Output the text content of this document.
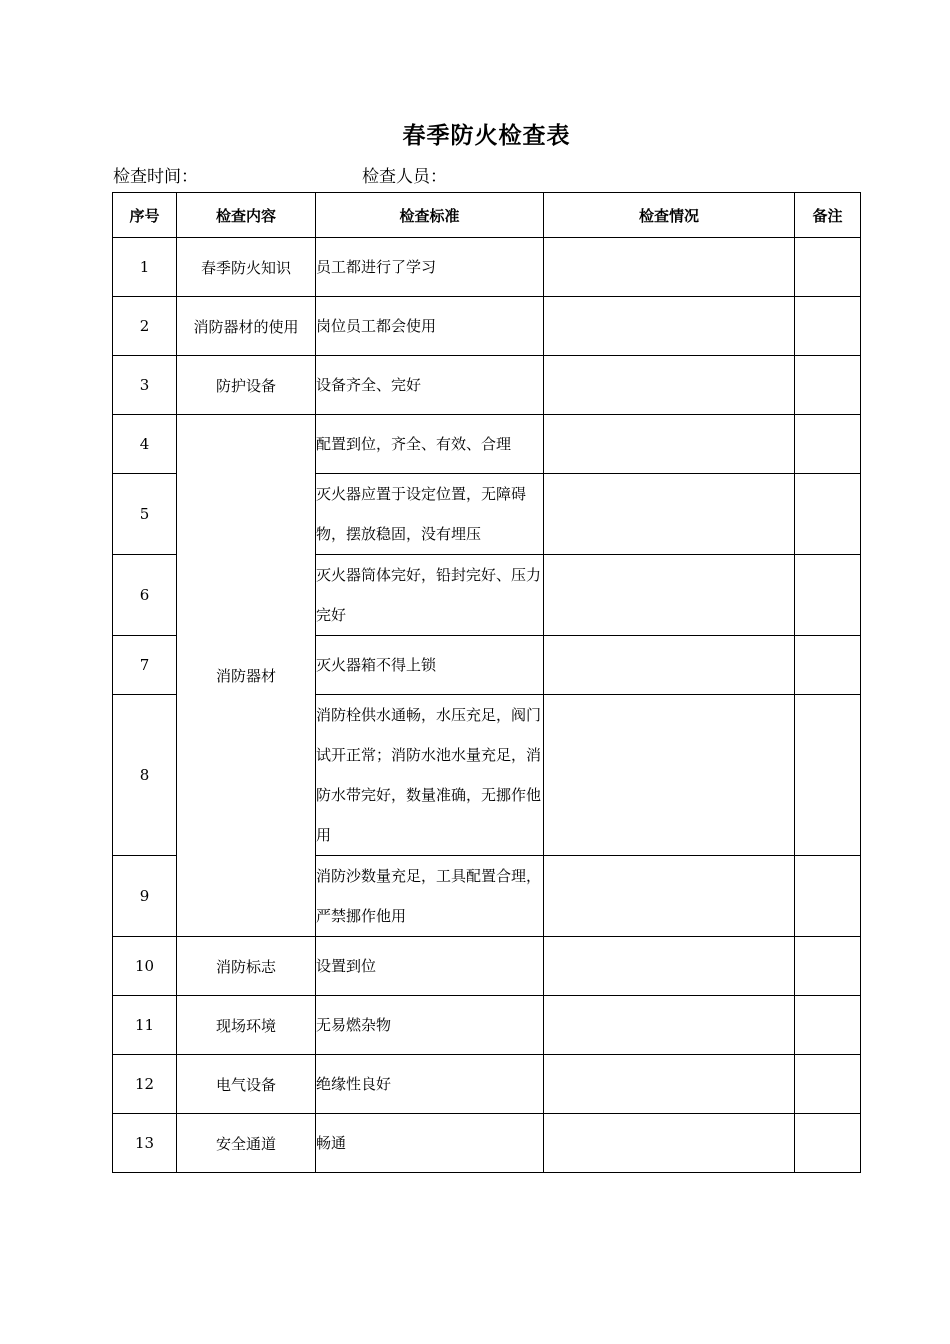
春季防火检查表
检查时间：	检查人员：
序号	检查内容	检查标准	检查情况	备注
1	春季防火知识	员工都进行了学习		
2	消防器材的使用	岗位员工都会使用		
3	防护设备	设备齐全、完好		
4	消防器材	配置到位，齐全、有效、合理		
5		灭火器应置于设定位置，无障碍物，摆放稳固，没有埋压		
6		灭火器筒体完好，铅封完好、压力完好		
7		灭火器箱不得上锁		
8		消防栓供水通畅，水压充足，阀门试开正常；消防水池水量充足，消防水带完好，数量准确，无挪作他用		
9		消防沙数量充足，工具配置合理，严禁挪作他用		
10	消防标志	设置到位		
11	现场环境	无易燃杂物		
12	电气设备	绝缘性良好		
13	安全通道	畅通		
